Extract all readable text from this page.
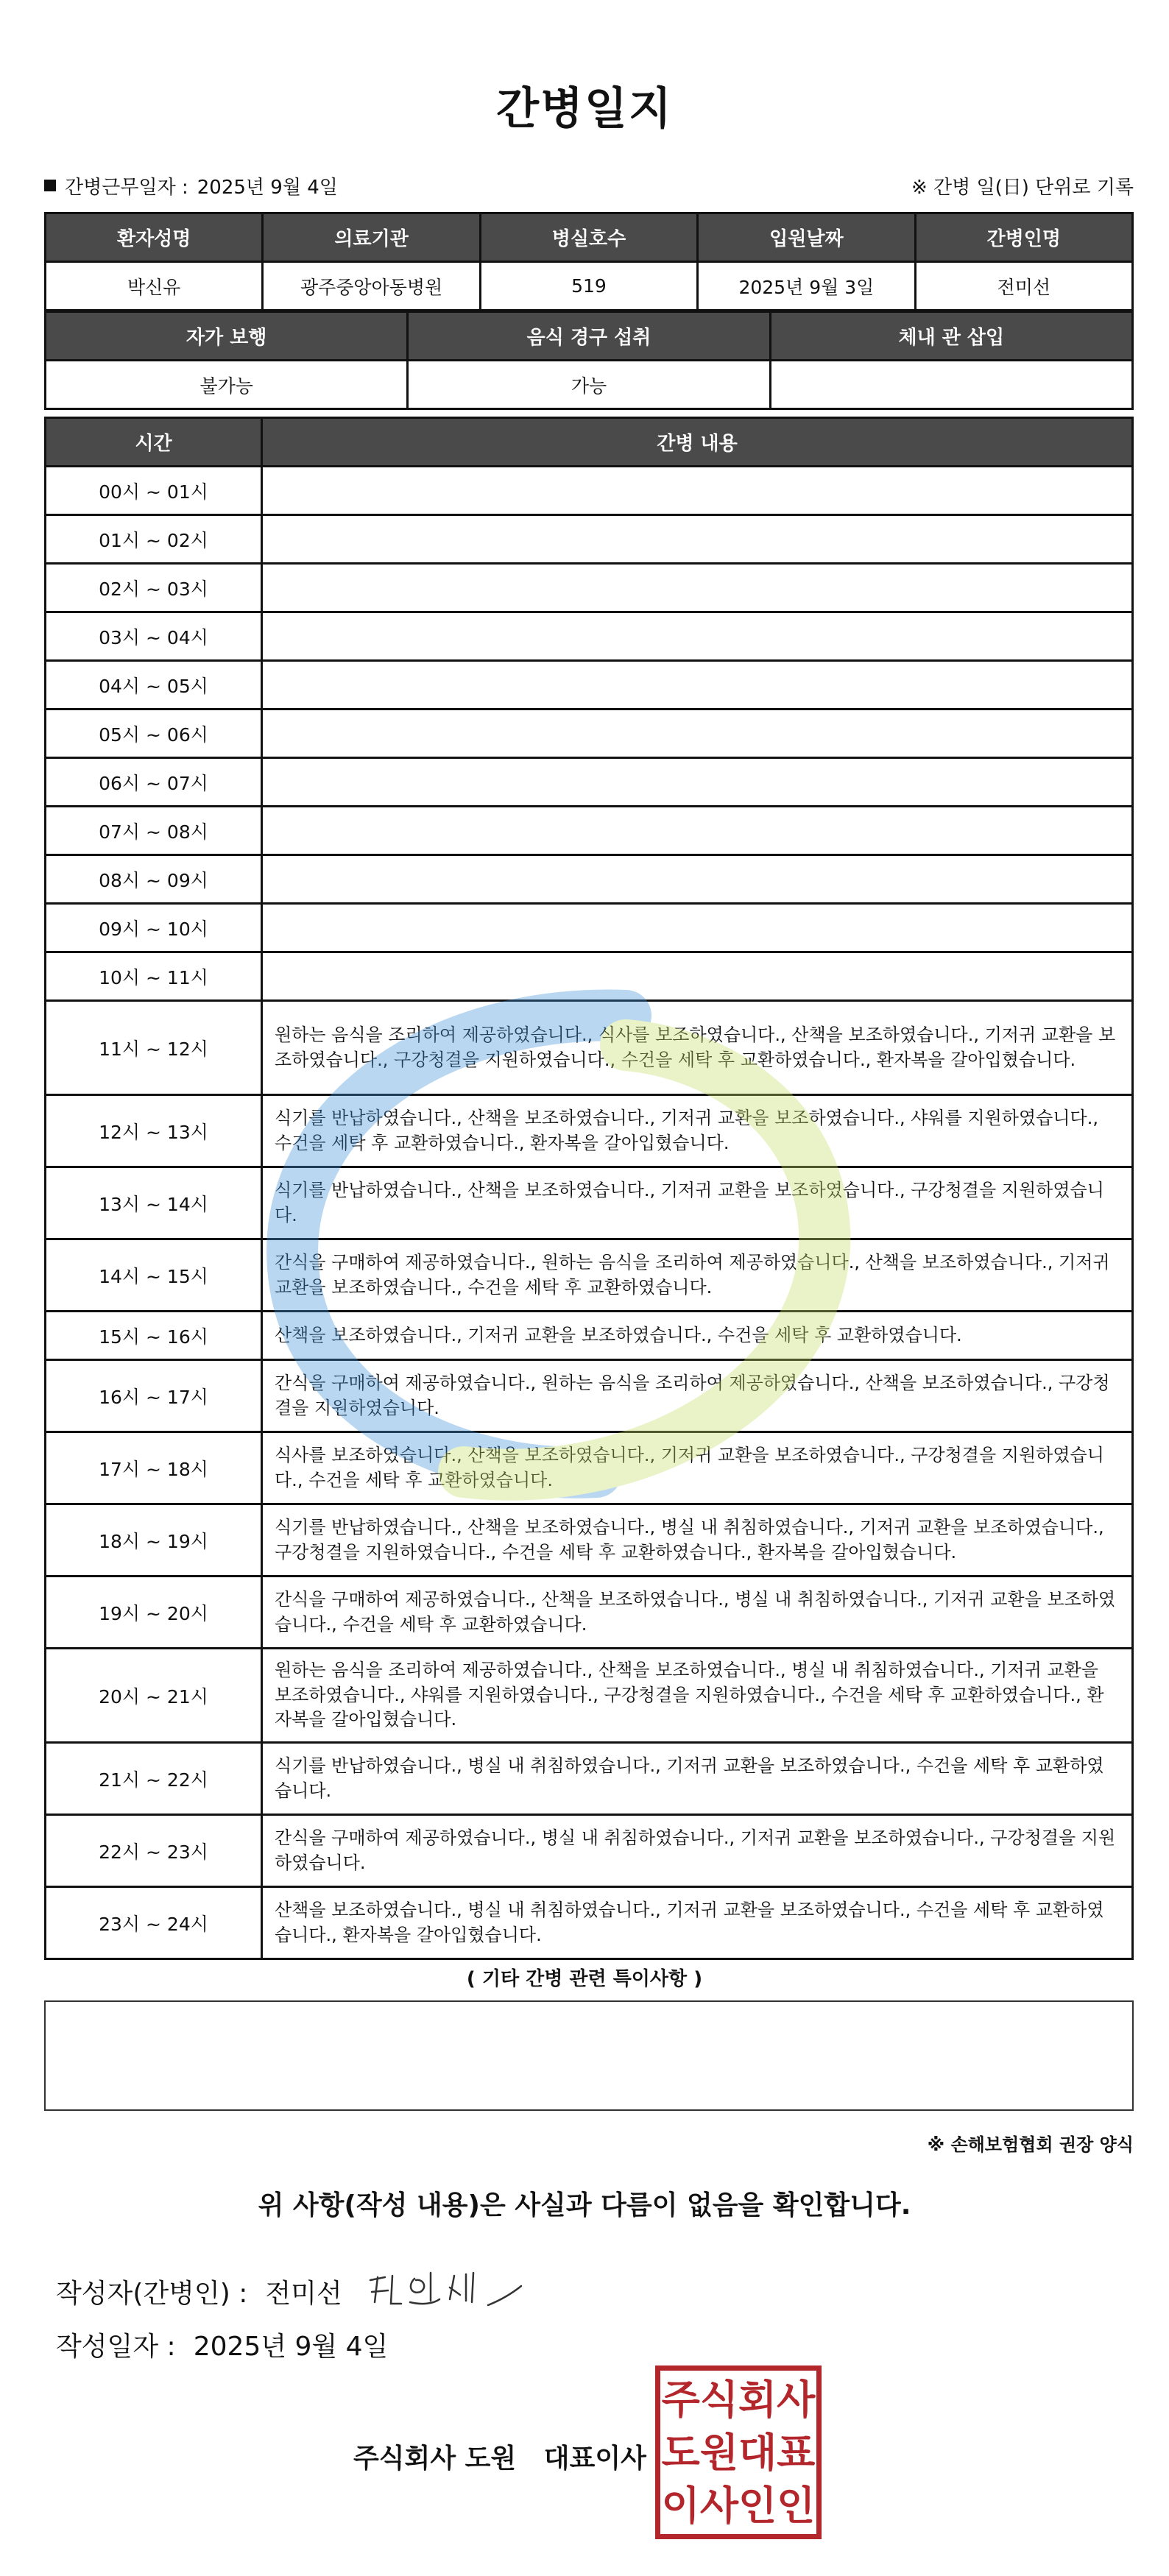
간병일지
간병근무일자 : 2025년 9월 4일	※ 간병 일(日) 단위로 기록
환자성명	의료기관	병실호수	입원날짜	간병인명
박신유	광주중앙아동병원	519	2025년 9월 3일	전미선
자가 보행	음식 경구 섭취	체내 관 삽입
불가능	가능	
시간	간병 내용
00시 ~ 01시	
01시 ~ 02시	
02시 ~ 03시	
03시 ~ 04시	
04시 ~ 05시	
05시 ~ 06시	
06시 ~ 07시	
07시 ~ 08시	
08시 ~ 09시	
09시 ~ 10시	
10시 ~ 11시	
11시 ~ 12시	원하는 음식을 조리하여 제공하였습니다., 식사를 보조하였습니다., 산책을 보조하였습니다., 기저귀 교환을 보조하였습니다., 구강청결을 지원하였습니다., 수건을 세탁 후 교환하였습니다., 환자복을 갈아입혔습니다.
12시 ~ 13시	식기를 반납하였습니다., 산책을 보조하였습니다., 기저귀 교환을 보조하였습니다., 샤워를 지원하였습니다., 수건을 세탁 후 교환하였습니다., 환자복을 갈아입혔습니다.
13시 ~ 14시	식기를 반납하였습니다., 산책을 보조하였습니다., 기저귀 교환을 보조하였습니다., 구강청결을 지원하였습니다.
14시 ~ 15시	간식을 구매하여 제공하였습니다., 원하는 음식을 조리하여 제공하였습니다., 산책을 보조하였습니다., 기저귀 교환을 보조하였습니다., 수건을 세탁 후 교환하였습니다.
15시 ~ 16시	산책을 보조하였습니다., 기저귀 교환을 보조하였습니다., 수건을 세탁 후 교환하였습니다.
16시 ~ 17시	간식을 구매하여 제공하였습니다., 원하는 음식을 조리하여 제공하였습니다., 산책을 보조하였습니다., 구강청결을 지원하였습니다.
17시 ~ 18시	식사를 보조하였습니다., 산책을 보조하였습니다., 기저귀 교환을 보조하였습니다., 구강청결을 지원하였습니다., 수건을 세탁 후 교환하였습니다.
18시 ~ 19시	식기를 반납하였습니다., 산책을 보조하였습니다., 병실 내 취침하였습니다., 기저귀 교환을 보조하였습니다., 구강청결을 지원하였습니다., 수건을 세탁 후 교환하였습니다., 환자복을 갈아입혔습니다.
19시 ~ 20시	간식을 구매하여 제공하였습니다., 산책을 보조하였습니다., 병실 내 취침하였습니다., 기저귀 교환을 보조하였습니다., 수건을 세탁 후 교환하였습니다.
20시 ~ 21시	원하는 음식을 조리하여 제공하였습니다., 산책을 보조하였습니다., 병실 내 취침하였습니다., 기저귀 교환을 보조하였습니다., 샤워를 지원하였습니다., 구강청결을 지원하였습니다., 수건을 세탁 후 교환하였습니다., 환자복을 갈아입혔습니다.
21시 ~ 22시	식기를 반납하였습니다., 병실 내 취침하였습니다., 기저귀 교환을 보조하였습니다., 수건을 세탁 후 교환하였습니다.
22시 ~ 23시	간식을 구매하여 제공하였습니다., 병실 내 취침하였습니다., 기저귀 교환을 보조하였습니다., 구강청결을 지원하였습니다.
23시 ~ 24시	산책을 보조하였습니다., 병실 내 취침하였습니다., 기저귀 교환을 보조하였습니다., 수건을 세탁 후 교환하였습니다., 환자복을 갈아입혔습니다.
( 기타 간병 관련 특이사항 )
※ 손해보험협회 권장 양식
위 사항(작성 내용)은 사실과 다름이 없음을 확인합니다.
작성자(간병인) : 전미선
작성일자 : 2025년 9월 4일
주식회사 도원   대표이사
주식회사
도원대표
이사인인
